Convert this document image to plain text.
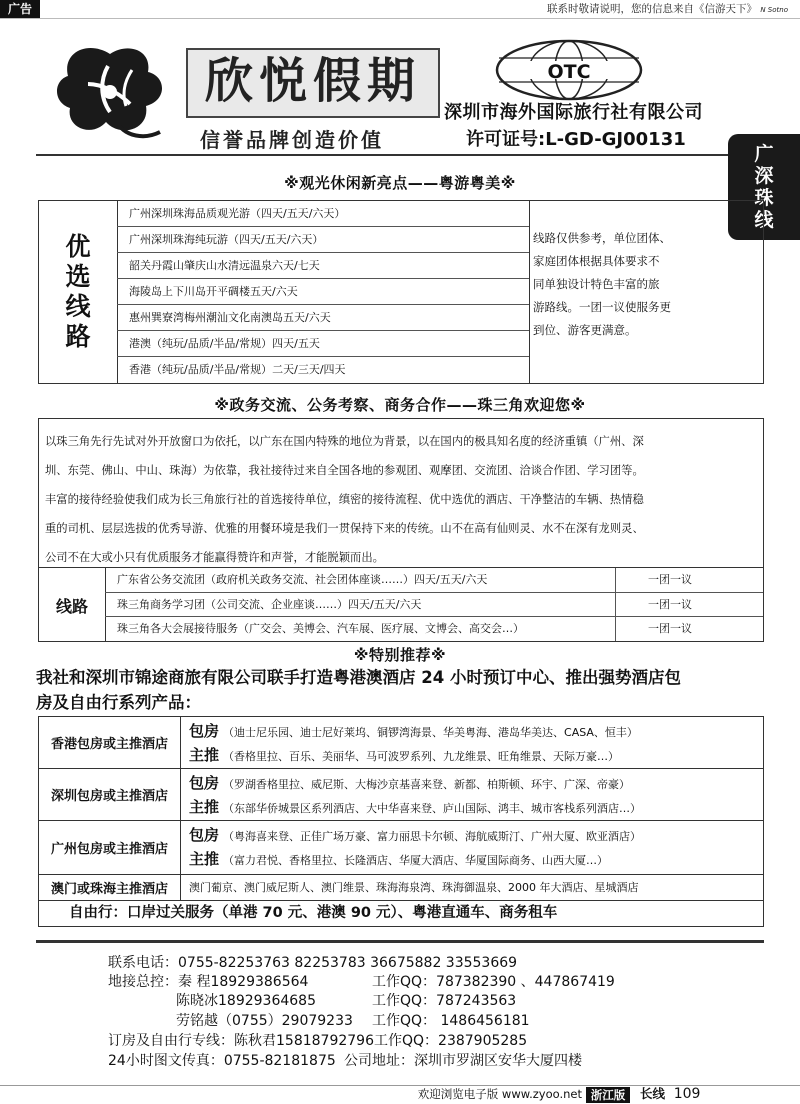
广告	联系时敬请说明，您的信息来自《信游天下》 N Sotno
欣悦假期
信誉品牌创造价值
OTC
深圳市海外国际旅行社有限公司
许可证号:L-GD-GJ00131
广
深
珠
线
※观光休闲新亮点——粤游粤美※
优
选
线
路
广州深圳珠海品质观光游（四天/五天/六天）
广州深圳珠海纯玩游（四天/五天/六天）
韶关丹霞山肇庆山水清远温泉六天/七天
海陵岛上下川岛开平碉楼五天/六天
惠州巽寮湾梅州潮汕文化南澳岛五天/六天
港澳（纯玩/品质/半品/常规）四天/五天
香港（纯玩/品质/半品/常规）二天/三天/四天
线路仅供参考，单位团体、
家庭团体根据具体要求不
同单独设计特色丰富的旅
游路线。一团一议使服务更
到位、游客更满意。
※政务交流、公务考察、商务合作——珠三角欢迎您※
以珠三角先行先试对外开放窗口为依托，以广东在国内特殊的地位为背景，以在国内的极具知名度的经济重镇（广州、深
圳、东莞、佛山、中山、珠海）为依靠，我社接待过来自全国各地的参观团、观摩团、交流团、洽谈合作团、学习团等。
丰富的接待经验使我们成为长三角旅行社的首选接待单位，缜密的接待流程、优中选优的酒店、干净整洁的车辆、热情稳
重的司机、层层选拔的优秀导游、优雅的用餐环境是我们一贯保持下来的传统。山不在高有仙则灵、水不在深有龙则灵、
公司不在大或小只有优质服务才能赢得赞许和声誉，才能脱颖而出。
线路
广东省公务交流团（政府机关政务交流、社会团体座谈……）四天/五天/六天	一团一议
珠三角商务学习团（公司交流、企业座谈……）四天/五天/六天	一团一议
珠三角各大会展接待服务（广交会、美博会、汽车展、医疗展、文博会、高交会…）	一团一议
※特别推荐※
我社和深圳市锦途商旅有限公司联手打造粤港澳酒店 24 小时预订中心、推出强势酒店包
房及自由行系列产品：
香港包房或主推酒店
包房 （迪士尼乐园、迪士尼好莱坞、铜锣湾海景、华美粤海、港岛华美达、CASA、恒丰）
主推 （香格里拉、百乐、美丽华、马可波罗系列、九龙维景、旺角维景、天际万豪…）
深圳包房或主推酒店
包房 （罗湖香格里拉、威尼斯、大梅沙京基喜来登、新都、柏斯顿、环宇、广深、帝豪）
主推 （东部华侨城景区系列酒店、大中华喜来登、庐山国际、鸿丰、城市客栈系列酒店…）
广州包房或主推酒店
包房 （粤海喜来登、正佳广场万豪、富力丽思卡尔顿、海航威斯汀、广州大厦、欧亚酒店）
主推 （富力君悦、香格里拉、长隆酒店、华厦大酒店、华厦国际商务、山西大厦…）
澳门或珠海主推酒店	澳门葡京、澳门威尼斯人、澳门维景、珠海海泉湾、珠海御温泉、2000 年大酒店、星城酒店
自由行：口岸过关服务（单港 70 元、港澳 90 元）、粤港直通车、商务租车
联系电话：0755-82253763 82253783 36675882 33553669
地接总控：秦 程18929386564	工作QQ：787382390 、447867419
陈晓冰18929364685	工作QQ：787243563
劳铭越（0755）29079233 工作QQ： 1486456181
订房及自由行专线：陈秋君15818792796 工作QQ：2387905285
24小时图文传真：0755-82181875 公司地址：深圳市罗湖区安华大厦四楼
欢迎浏览电子版 www.zyoo.net 浙江版	长线 109
